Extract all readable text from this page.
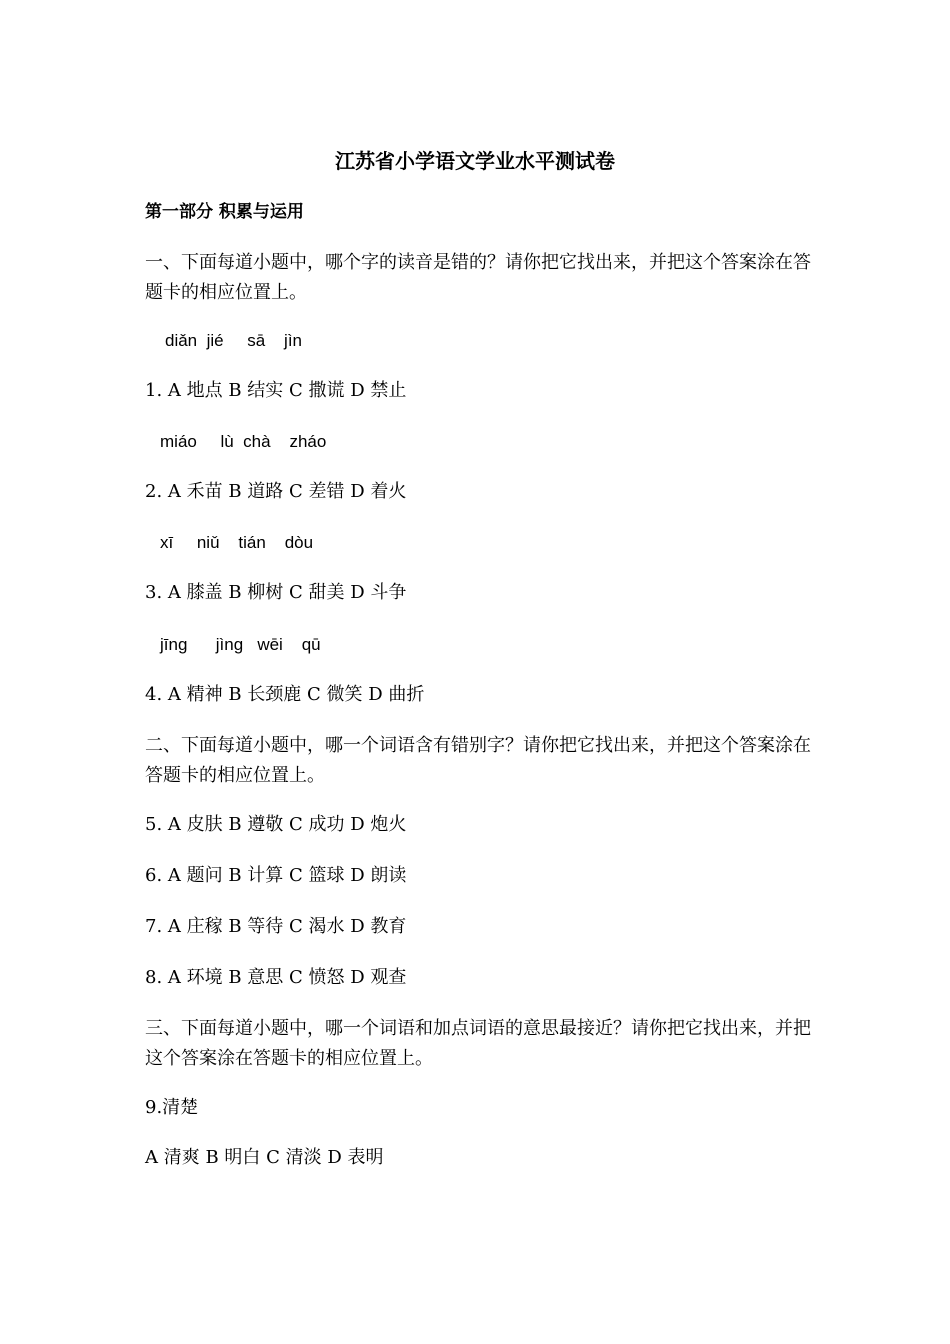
江苏省小学语文学业水平测试卷
第一部分 积累与运用
一、下面每道小题中，哪个字的读音是错的？请你把它找出来，并把这个答案涂在答题卡的相应位置上。
diǎn  jié     sā    jìn
1. A 地点 B 结实 C 撒谎 D 禁止
miáo     lù  chà    zháo
2. A 禾苗 B 道路 C 差错 D 着火
xī     niǔ    tián    dòu
3. A 膝盖 B 柳树 C 甜美 D 斗争
jīng      jìng   wēi    qū
4. A 精神 B 长颈鹿 C 微笑 D 曲折
二、下面每道小题中，哪一个词语含有错别字？请你把它找出来，并把这个答案涂在答题卡的相应位置上。
5. A 皮肤 B 遵敬 C 成功 D 炮火
6. A 题问 B 计算 C 篮球 D 朗读
7. A 庄稼 B 等待 C 渴水 D 教育
8. A 环境 B 意思 C 愤怒 D 观查
三、下面每道小题中，哪一个词语和加点词语的意思最接近？请你把它找出来，并把这个答案涂在答题卡的相应位置上。
9.清楚
A 清爽 B 明白 C 清淡 D 表明
